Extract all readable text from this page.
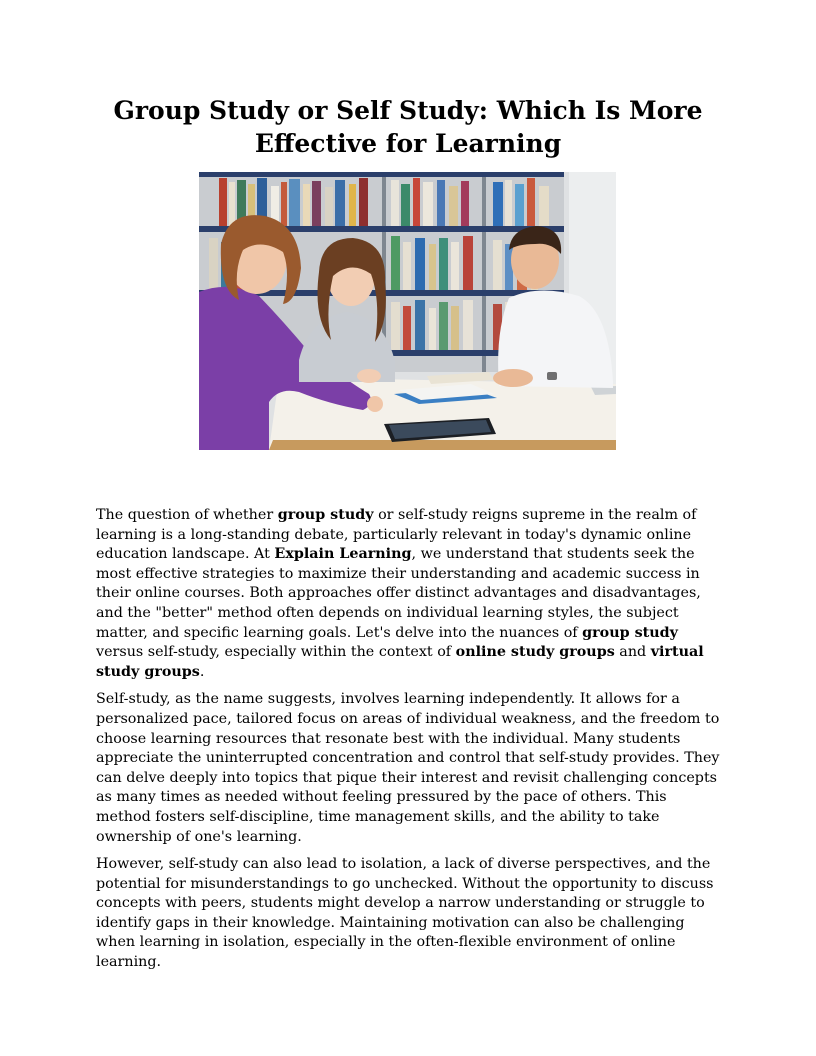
Group Study or Self Study: Which Is More Effective for Learning

The question of whether group study or self-study reigns supreme in the realm of learning is a long-standing debate, particularly relevant in today's dynamic online education landscape. At Explain Learning, we understand that students seek the most effective strategies to maximize their understanding and academic success in their online courses. Both approaches offer distinct advantages and disadvantages, and the "better" method often depends on individual learning styles, the subject matter, and specific learning goals. Let's delve into the nuances of group study versus self-study, especially within the context of online study groups and virtual study groups.

Self-study, as the name suggests, involves learning independently. It allows for a personalized pace, tailored focus on areas of individual weakness, and the freedom to choose learning resources that resonate best with the individual. Many students appreciate the uninterrupted concentration and control that self-study provides. They can delve deeply into topics that pique their interest and revisit challenging concepts as many times as needed without feeling pressured by the pace of others. This method fosters self-discipline, time management skills, and the ability to take ownership of one's learning.

However, self-study can also lead to isolation, a lack of diverse perspectives, and the potential for misunderstandings to go unchecked. Without the opportunity to discuss concepts with peers, students might develop a narrow understanding or struggle to identify gaps in their knowledge. Maintaining motivation can also be challenging when learning in isolation, especially in the often-flexible environment of online learning.
